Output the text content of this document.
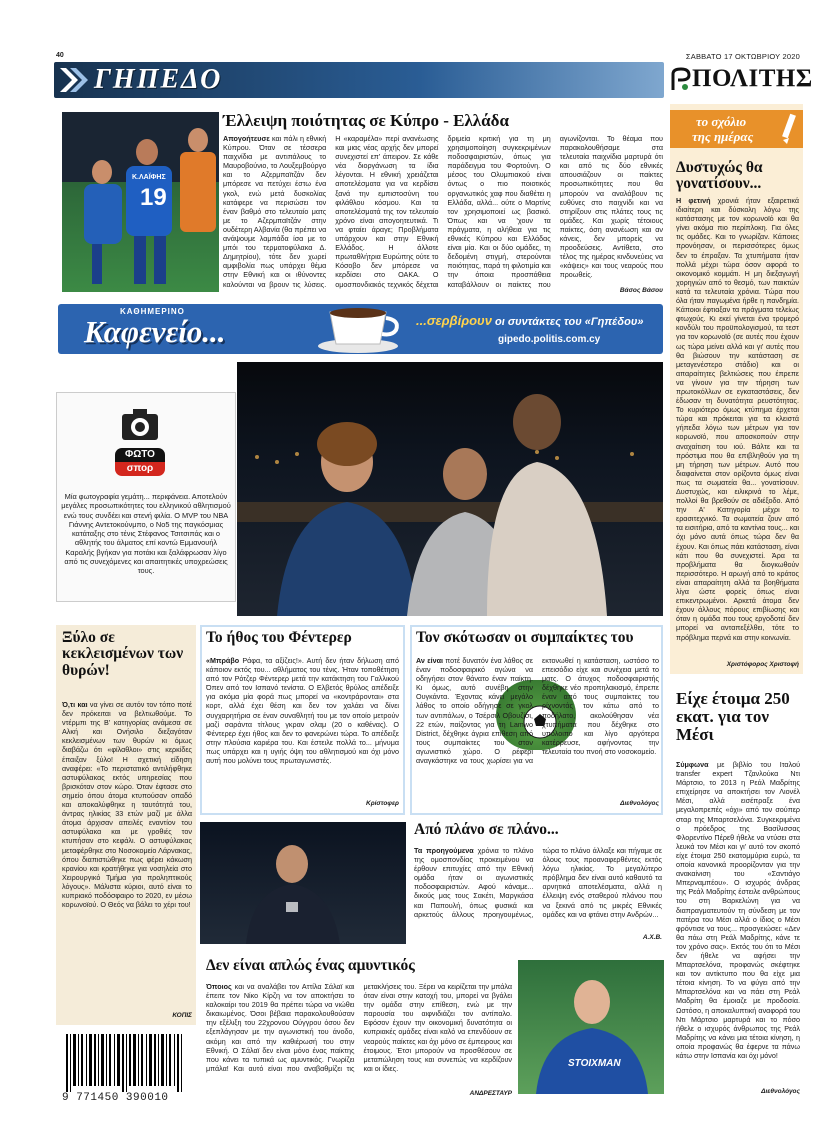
40	ΣΑΒΒΑΤΟ 17 ΟΚΤΩΒΡΙΟΥ 2020
ΓΗΠΕΔΟ	ΠΟΛΙΤΗΣ
Κ.ΛΑΪΦΗΣ
19
Έλλειψη ποιότητας σε Κύπρο - Ελλάδα
Απογοήτευσε και πάλι η εθνική Κύπρου. Όταν σε τέσσερα παιχνίδια με αντιπάλους το Μαυροβούνιο, το Λουξεμβούργο και το Αζερμπαϊτζάν δεν μπόρεσε να πετύχει έστω ένα γκολ, ενώ μετά δυσκολίας κατάφερε να περισώσει τον έναν βαθμό στο τελευταίο ματς με το Αζερμπαϊτζάν στην ουδέτερη Αλβανία (θα πρέπει να ανάψουμε λαμπάδα ίσα με το μπόι του τερματοφύλακα Δ. Δημητρίου), τότε δεν χωρεί αμφιβολία πως υπάρχει θέμα στην Εθνική και οι ιθύνοντες καλούνται να βρουν τις λύσεις. Η «καραμέλα» περί ανανέωσης και μιας νέας αρχής δεν μπορεί συνεχιστεί επ' άπειρον. Σε κάθε νέα διοργάνωση τα ίδια λέγονται. Η εθνική χρειάζεται αποτελέσματα για να κερδίσει ξανά την εμπιστοσύνη του φιλάθλου κόσμου. Και τα αποτελέσματά της τον τελευταίο χρόνο είναι απογοητευτικά. Τι να φταίει άραγε; Προβλήματα υπάρχουν και στην Εθνική Ελλάδος. Η άλλοτε πρωταθλήτρια Ευρώπης ούτε το Κόσοβο δεν μπόρεσε να κερδίσει στο ΟΑΚΑ. Ο ομοσπονδιακός τεχνικός δέχεται δριμεία κριτική για τη μη χρησιμοποίηση συγκεκριμένων ποδοσφαιριστών, όπως για παράδειγμα του Φορτούνη. Ο μέσος του Ολυμπιακού είναι όντως ο πιο ποιοτικός οργανωτικός χαφ που διαθέτει η Ελλάδα, αλλά... ούτε ο Μαρτίνς τον χρησιμοποιεί ως βασικό. Όπως και να 'χουν τα πράγματα, η αλήθεια για τις εθνικές Κύπρου και Ελλάδας είναι μία. Και οι δύο ομάδες, τη δεδομένη στιγμή, στερούνται ποιότητας, παρά τη φιλοτιμία και την όποια προσπάθεια καταβάλλουν οι παίκτες που αγωνίζονται. Το θέαμα που παρακολουθήσαμε στα τελευταία παιχνίδια μαρτυρά ότι και από τις δύο εθνικές απουσιάζουν οι παίκτες προσωπικότητες που θα μπορούν να αναλάβουν τις ευθύνες στο παιχνίδι και να στηρίξουν στις πλάτες τους τις ομάδες. Και χωρίς τέτοιους παίκτες, όση ανανέωση και αν κάνεις, δεν μπορείς να προοδεύσεις. Αντίθετα, στο τέλος της ημέρας κινδυνεύεις να «κάψεις» και τους νεαρούς που προωθείς.
Βάσος Βάσου
ΚΑΘΗΜΕΡΙΝΟ
Καφενείο...	...σερβίρουν οι συντάκτες του «Γηπέδου»
gipedo.politis.com.cy
ΦΩΤΟ
σπορ
Μία φωτογραφία γεμάτη... περιφάνεια. Αποτελούν μεγάλες προσωπικότητες του ελληνικού αθλητισμού ενώ τους συνδέει και στενή φιλία. Ο MVP του NBA Γιάννης Αντετοκούνμπο, ο Νο5 της παγκόσμιας κατάταξης στο τένις Στέφανος Τσιτσιπάς και ο αθλητής του άλματος επί κοντώ Εμμανουήλ Καραλής βγήκαν για ποτάκι και ξαλάφρωσαν λίγο από τις συνεχόμενες και απαιτητικές υποχρεώσεις τους.
το σχόλιο
της ημέρας
Δυστυχώς θα γονατίσουν...
Η φετινή χρονιά ήταν εξαιρετικά ιδιαίτερη και δύσκολη λόγω της κατάστασης με τον κορωνοϊό και θα γίνει ακόμα πιο περίπλοκη. Για όλες τις ομάδες. Και το γνωρίζαν. Κάποιες προνόησαν, οι περισσότερες όμως δεν το έπραξαν. Τα χτυπήματα ήταν πολλά μέχρι τώρα όσον αφορά το οικονομικό κομμάτι. Η μη διεξαγωγή χορηγιών από το θεσμό, των παικτών κατά τα τελευταία χρόνια. Τώρα που όλα ήταν παγωμένα ήρθε η πανδημία. Κάποιοι έφτιαξαν τα πράγματα τελείως φτωχούς. Κι εκεί γίνεται ένα τρομερό κονδύλι του προϋπολογισμού, τα τεστ για τον κορωνοϊό (σε αυτές που έχουν ως τώρα μείνει αλλά και γι' αυτές που θα βιώσουν την κατάσταση σε μεταγενέστερο στάδιο) και οι απαραίτητες βελτιώσεις που έπρεπε να γίνουν για την τήρηση των πρωτοκόλλων σε εγκαταστάσεις, δεν έδωσαν τη δυνατότητα ρευστότητας. Το κυριότερο όμως κτύπημα έρχεται τώρα και πρόκειται για τα κλειστά γήπεδα λόγω των μέτρων για τον κορωνοϊό, που αποσκοπούν στην αναχαίτιση του ιού. Βάλτε και τα πρόστιμα που θα επιβληθούν για τη μη τήρηση των μέτρων. Αυτό που διαφαίνεται στον ορίζοντα όμως είναι πως τα σωματεία θα... γονατίσουν. Δυστυχώς, και ειλικρινά το λέμε, πολλοί θα βρεθούν σε αδιέξοδο. Από την Α' Κατηγορία μέχρι το ερασιτεχνικό. Τα σωματεία ζουν από τα εισιτήρια, από τα καντίνια τους... και όχι μόνο αυτά όπως τώρα δεν θα έχουν. Και όπως πάει κατάσταση, είναι κάτι που θα συνεχιστεί. Άρα τα προβλήματα θα διογκωθούν περισσότερο. Η αρωγή από το κράτος είναι απαραίτητη αλλά τα βοηθήματα λίγα ώστε φορείς όπως είναι επικεντρωμένοι. Αρκετά άτομα δεν έχουν άλλους πόρους επιβίωσης και όταν η ομάδα που τους εργοδοτεί δεν μπορεί να ανταπεξέλθει, τότε το πρόβλημα περνά και στην κοινωνία.
Χριστόφορος Χριστοφή
Ξύλο σε κεκλεισμένων των θυρών!
Ό,τι και να γίνει σε αυτόν τον τόπο ποτέ δεν πρόκειται να βελτιωθούμε. Το ντέρμπι της Β' κατηγορίας ανάμεσα σε Αλκή και Ονήσιλο διεξαγόταν κεκλεισμένων των θυρών κι όμως διαβάζω ότι «φίλαθλοι» στις κερκίδες έπαιξαν ξύλο! Η σχετική είδηση αναφέρει: «Το περιστατικό αντιλήφθηκε αστυφύλακας εκτός υπηρεσίας που βρισκόταν στον κώρο. Όταν έφτασε στο σημείο όπου άτομα κτυπούσαν οπαδό και αποκαλύφθηκε η ταυτότητά του, άντρας ηλικίας 33 ετών μαζί με άλλα άτομα άρχισαν απειλές εναντίον του αστυφύλακα και με γροθιές τον κτυπήσαν στο κεφάλι. Ο αστυφύλακας μεταφέρθηκε στο Νοσοκομείο Λάρνακας, όπου διαπιστώθηκε πως φέρει κάκωση κρανίου και κρατήθηκε για νοσηλεία στο Χειρουργικό Τμήμα για προληπτικούς λόγους». Μάλιστα κύριοι, αυτό είναι το κυπριακό ποδόσφαιρο το 2020, εν μέσω κορωνοϊού. Ο Θεός να βάλει το χέρι του!
ΚΟΠΙΣ
9 771450 390010
Το ήθος του Φέντερερ
«Μπράβο Ράφα, τα αξίζεις!». Αυτή δεν ήταν δήλωση από κάποιον εκτός του... αθλήματος του τένις. Ήταν τοποθέτηση από τον Ρότζερ Φέντερερ μετά την κατάκτηση του Γαλλικού Όπεν από τον Ισπανό τενίστα. Ο Ελβετός θρύλος απέδειξε για ακόμα μία φορά πως μπορεί να «κοντράρονται» στα κορτ, αλλά έχει θέση και δεν τον χαλάει να δίνει συγχαρητήρια σε έναν συναθλητή του με τον οποίο μετρούν μαζί σαράντα τίτλους γκραν σλαμ (20 ο καθένας). Ο Φέντερερ έχει ήθος και δεν το φανερώνει τώρα. Το απέδειξε στην πλούσια καριέρα του. Και έστειλε πολλά το... μήνυμα πως υπάρχει και η υγιής όψη του αθλητισμού και όχι μόνο αυτή που μολύνει τους πρωταγωνιστές.
Κρίστοφερ
Τον σκότωσαν οι συμπαίκτες του
Αν είναι ποτέ δυνατόν ένα λάθος σε έναν ποδοσφαιρικό αγώνα να οδηγήσει στον θάνατο έναν παίκτη. Κι όμως, αυτό συνέβη στην Ουγκάντα. Έχοντας κάνει μεγάλο λάθος το οποίο οδήγησε σε γκολ των αντιπάλων, ο Τσέρσιλ Οβουζίσι, 22 ετών, παίζοντας για τη Lamwo District, δέχθηκε άγρια επίθεση από τους συμπαίκτες του στον αγωνιστικό χώρο. Ο ρέφερι αναγκάστηκε να τους χωρίσει για να εκτονωθεί η κατάσταση, ωστόσο το επεισόδιο είχε και συνέχεια μετά το ματς. Ο άτυχος ποδοσφαιριστής δέχθηκε νέο προπηλακισμό, έπρεπε έναν από τους συμπαίκτες του ρίχνοντάς τον κάτω από το ποδήλατο, ακολούθησαν νέα χτυπήματα που δέχθηκε στο υπόλοιπο και λίγο αργότερα κατέρρευσε, αφήνοντας την τελευταία του πνοή στο νοσοκομείο.
Διεθνολόγος
Από πλάνο σε πλάνο...
Τα προηγούμενα χρόνια το πλάνο της ομοσπονδίας προκειμένου να έρθουν επιτυχίες από την Εθνική ομάδα ήταν οι αγωνιστικές ποδοσφαιριστών. Αφού κάναμε... δικούς μας τους Σακέτι, Μαργκάσα και Παπουλή, όπως φυσικά και αρκετούς άλλους προηγουμένως, τώρα το πλάνο άλλαξε και πήγαμε σε όλους τους προαναφερθέντες εκτός λόγω ηλικίας. Το μεγαλύτερο πρόβλημα δεν είναι αυτό καθαυτό τα αρνητικά αποτελέσματα, αλλά η έλλειψη ενός σταθερού πλάνου που να ξεκινά από τις μικρές Εθνικές ομάδες και να φτάνει στην Ανδρών...
Α.Χ.Β.
Δεν είναι απλώς ένας αμυντικός
Όποιος και να αναλάβει τον Αττίλα Σάλαϊ και έπειτε τον Νίκο Κίρζη να τον αποκτήσει το καλοκαίρι του 2019 θα πρέπει τώρα να νιώθει δικαιωμένος. Όσοι βέβαια παρακολουθούσαν την εξέλιξη του 22χρονου Ούγγρου όσου δεν εξεπλάγησαν με την αγωνιστική του άνοδο, ακόμη και από την καθιέρωσή του στην Εθνική. Ο Σάλαϊ δεν είναι μόνο ένας παίκτης που κάνει τα τυπικά ως αμυντικός. Γνωρίζει μπάλα! Και αυτό είναι που αναβαθμίζει τις μετακλήσεις του. Ξέρει να κειρίζεται την μπάλα όταν είναι στην κατοχή του, μπορεί να βγάλει την ομάδα στην επίθεση, ενώ με την παρουσία του αιφνιδιάζει τον αντίπαλο. Εφόσον έχουν την οικονομική δυνατότητα οι κυπριακές ομάδες είναι καλό να επενδύουν σε νεαρούς παίκτες και όχι μόνο σε έμπειρους και έτοιμους. Έτσι μπορούν να προσθέσουν σε μεταπώληση τους και συνεπώς να κερδίζουν και οι ίδιες.
ΑΝΔΡΕΣΤΑΥΡ
STOIXMAN
Είχε έτοιμα 250 εκατ. για τον Μέσι
Σύμφωνα με βιβλίο του Ιταλού transfer expert Τζανλούκα Ντι Μάρτσιο, το 2013 η Ρεάλ Μαδρίτης επιχείρησε να αποκτήσει τον Λιονέλ Μέσι, αλλά εισέπραξε ένα μεγαλοπρεπές «όχι» από τον σούπερ σταρ της Μπαρτσελόνα. Συγκεκριμένα ο πρόεδρος της Βασίλισσας Φλορεντίνο Πέρεθ ήθελε να ντύσει στα λευκά τον Μέσι και γι' αυτό τον σκοπό είχε έτοιμα 250 εκατομμύρια ευρώ, τα οποία κανονικά προορίζονταν για την ανακαίνιση του «Σαντιάγο Μπερναμπέου». Ο ισχυρός άνδρας της Ρεάλ Μαδρίτης έστειλε ανθρώπους του στη Βαρκελώνη για να διαπραγματευτούν τη σύνδεση με τον πατέρα του Μέσι αλλά ο ίδιος ο Μέσι φρόντισε να τους... προσγειώσει: «Δεν θα πάω στη Ρεάλ Μαδρίτης, κάνε τε τον χρόνο σας». Εκτός του ότι το Μέσι δεν ήθελε να αφήσει την Μπαρτσελόνα, προφανώς σκέφτηκε και τον αντίκτυπο που θα είχε μια τέτοια κίνηση. Το να φύγει από την Μπαρτσελόνα και να πάει στη Ρεάλ Μαδρίτη θα έμοιαζε με προδοσία. Ωστόσο, η αποκαλυπτική αναφορά του Ντι Μάρτσιο μαρτυρά και το πόσο ήθελε ο ισχυρός άνθρωπος της Ρεάλ Μαδρίτης να κάνει μια τέτοια κίνηση, η οποία προφανώς θα έφερνε τα πάνω κάτω στην Ισπανία και όχι μόνο!
Διεθνολόγος
